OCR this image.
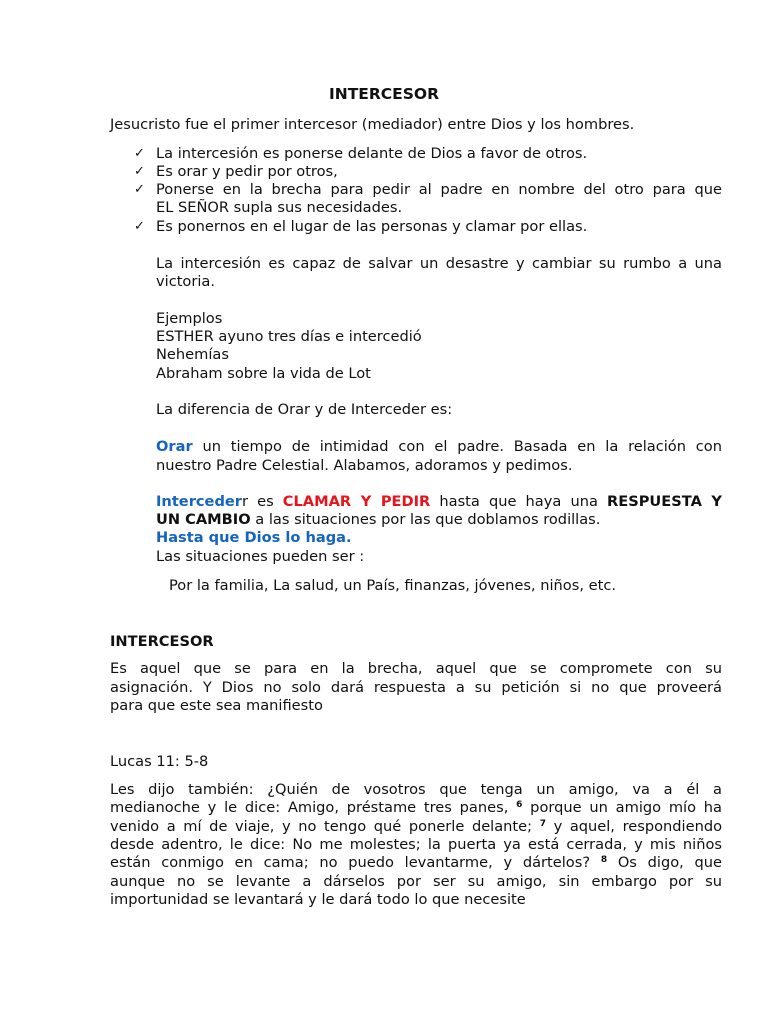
INTERCESOR
Jesucristo fue el primer intercesor (mediador) entre Dios y los hombres.
✓ La intercesión es ponerse delante de Dios a favor de otros.
✓ Es orar y pedir por otros,
✓ Ponerse en la brecha para pedir al padre en nombre del otro para que
EL SEÑOR supla sus necesidades.
✓ Es ponernos en el lugar de las personas y clamar por ellas.
La intercesión es capaz de salvar un desastre y cambiar su rumbo a una
victoria.
Ejemplos
ESTHER ayuno tres días e intercedió
Nehemías
Abraham sobre la vida de Lot
La diferencia de Orar y de Interceder es:
Orar un tiempo de intimidad con el padre. Basada en la relación con
nuestro Padre Celestial. Alabamos, adoramos y pedimos.
Intercederr es CLAMAR Y PEDIR hasta que haya una RESPUESTA Y
UN CAMBIO a las situaciones por las que doblamos rodillas.
Hasta que Dios lo haga.
Las situaciones pueden ser :
Por la familia, La salud, un País, finanzas, jóvenes, niños, etc.
INTERCESOR
Es aquel que se para en la brecha, aquel que se compromete con su
asignación. Y Dios no solo dará respuesta a su petición si no que proveerá
para que este sea manifiesto
Lucas 11: 5-8
Les dijo también: ¿Quién de vosotros que tenga un amigo, va a él a
medianoche y le dice: Amigo, préstame tres panes, $^6$ porque un amigo mío ha
venido a mí de viaje, y no tengo qué ponerle delante; $^7$ y aquel, respondiendo
desde adentro, le dice: No me molestes; la puerta ya está cerrada, y mis niños
están conmigo en cama; no puedo levantarme, y dártelos? $^8$ Os digo, que
aunque no se levante a dárselos por ser su amigo, sin embargo por su
importunidad se levantará y le dará todo lo que necesite
